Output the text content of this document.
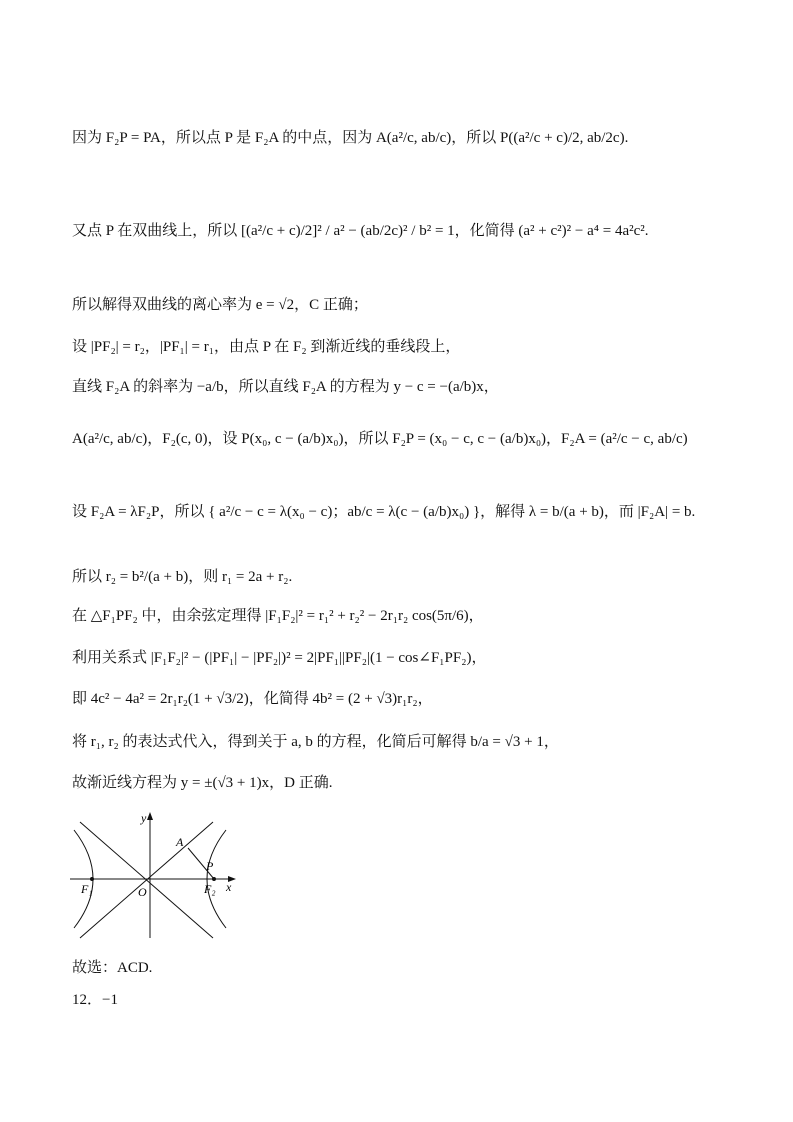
因为 F₂P = PA，所以点 P 是 F₂A 的中点，因为 A(a²/c, ab/c)，所以 P((a²/c + c)/2, ab/2c).
又点 P 在双曲线上，所以 [(a²/c + c)/2]² / a² − (ab/2c)² / b² = 1，化简得 (a² + c²)² − a⁴ = 4a²c².
所以解得双曲线的离心率为 e = √2，C 正确；
设 |PF₂| = r₂，|PF₁| = r₁，由点 P 在 F₂ 到渐近线的垂线段上，
直线 F₂A 的斜率为 −a/b，所以直线 F₂A 的方程为 y − c = −(a/b)x，
A(a²/c, ab/c)，F₂(c, 0)，设 P(x₀, c − (a/b)x₀)，所以 F₂P = (x₀ − c, c − (a/b)x₀)，F₂A = (a²/c − c, ab/c)
设 F₂A = λF₂P，所以 { a²/c − c = λ(x₀ − c)；ab/c = λ(c − (a/b)x₀) }，解得 λ = b/(a + b)，而 |F₂A| = b.
所以 r₂ = b²/(a + b)，则 r₁ = 2a + r₂.
在 △F₁PF₂ 中，由余弦定理得 |F₁F₂|² = r₁² + r₂² − 2r₁r₂ cos(5π/6)，
利用关系式 |F₁F₂|² − (|PF₁| − |PF₂|)² = 2|PF₁||PF₂|(1 − cos∠F₁PF₂)，
即 4c² − 4a² = 2r₁r₂(1 + √3/2)，化简得 4b² = (2 + √3)r₁r₂，
将 r₁, r₂ 的表达式代入，得到关于 a, b 的方程，化简后可解得 b/a = √3 + 1，
故渐近线方程为 y = ±(√3 + 1)x，D 正确.
y
x
A
P
O
F₁	F₂
故选：ACD.
12．−1
